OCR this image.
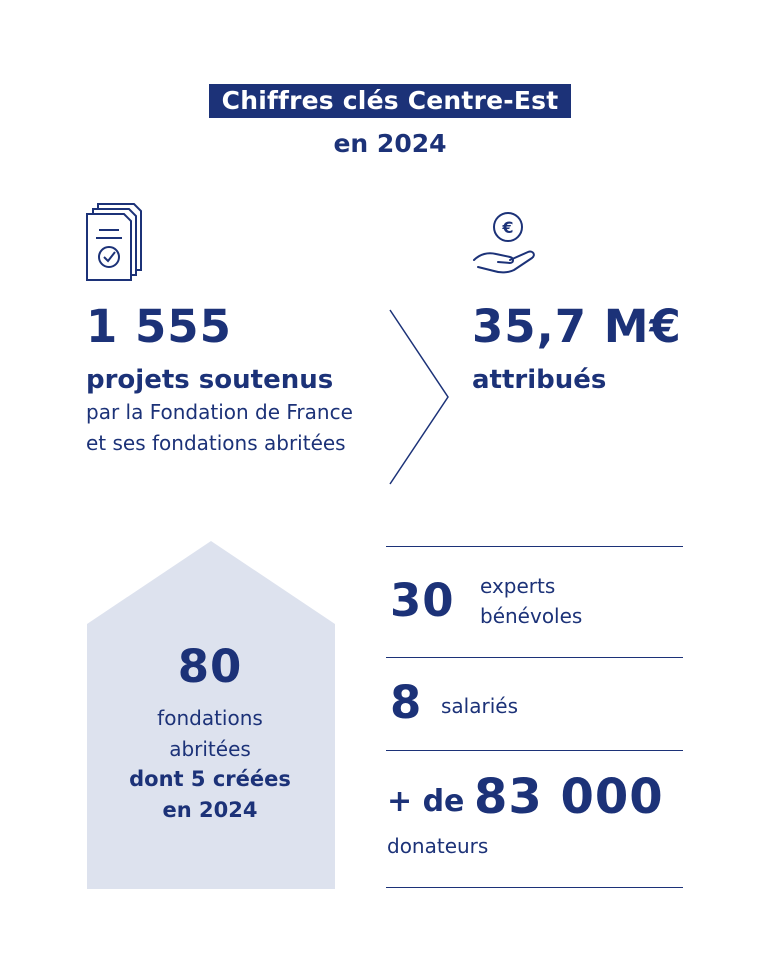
Chiffres clés Centre-Est
en 2024
1 555
projets soutenus
par la Fondation de France
et ses fondations abritées
€
35,7 M€
attribués
80
fondations
abritées
dont 5 créées
en 2024
30 experts
bénévoles
8 salariés
+ de 83 000
donateurs
